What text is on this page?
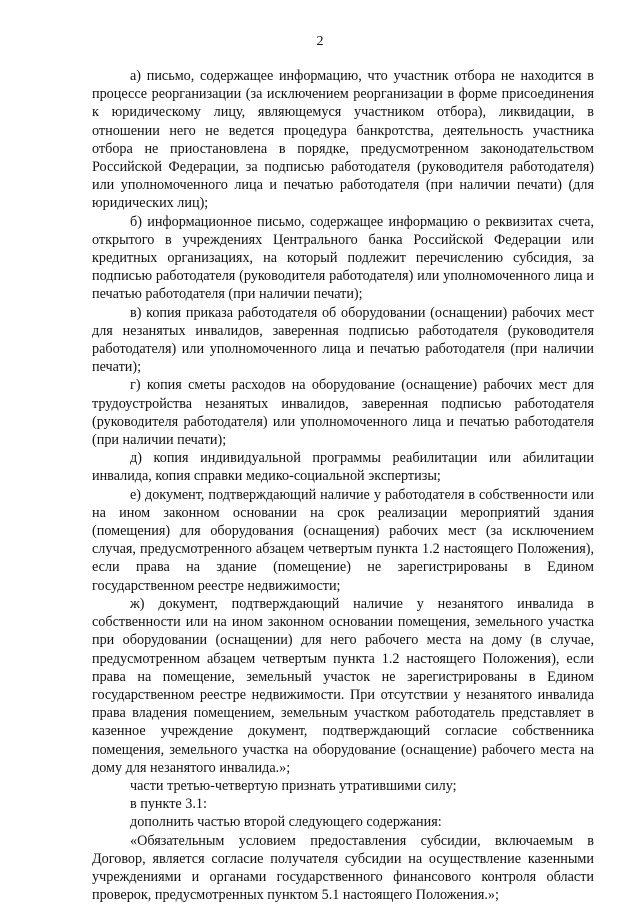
2

а) письмо, содержащее информацию, что участник отбора не находится в процессе реорганизации (за исключением реорганизации в форме присоединения к юридическому лицу, являющемуся участником отбора), ликвидации, в отношении него не ведется процедура банкротства, деятельность участника отбора не приостановлена в порядке, предусмотренном законодательством Российской Федерации, за подписью работодателя (руководителя работодателя) или уполномоченного лица и печатью работодателя (при наличии печати) (для юридических лиц);

б) информационное письмо, содержащее информацию о реквизитах счета, открытого в учреждениях Центрального банка Российской Федерации или кредитных организациях, на который подлежит перечислению субсидия, за подписью работодателя (руководителя работодателя) или уполномоченного лица и печатью работодателя (при наличии печати);

в) копия приказа работодателя об оборудовании (оснащении) рабочих мест для незанятых инвалидов, заверенная подписью работодателя (руководителя работодателя) или уполномоченного лица и печатью работодателя (при наличии печати);

г) копия сметы расходов на оборудование (оснащение) рабочих мест для трудоустройства незанятых инвалидов, заверенная подписью работодателя (руководителя работодателя) или уполномоченного лица и печатью работодателя (при наличии печати);

д) копия индивидуальной программы реабилитации или абилитации инвалида, копия справки медико-социальной экспертизы;

е) документ, подтверждающий наличие у работодателя в собственности или на ином законном основании на срок реализации мероприятий здания (помещения) для оборудования (оснащения) рабочих мест (за исключением случая, предусмотренного абзацем четвертым пункта 1.2 настоящего Положения), если права на здание (помещение) не зарегистрированы в Едином государственном реестре недвижимости;

ж) документ, подтверждающий наличие у незанятого инвалида в собственности или на ином законном основании помещения, земельного участка при оборудовании (оснащении) для него рабочего места на дому (в случае, предусмотренном абзацем четвертым пункта 1.2 настоящего Положения), если права на помещение, земельный участок не зарегистрированы в Едином государственном реестре недвижимости. При отсутствии у незанятого инвалида права владения помещением, земельным участком работодатель представляет в казенное учреждение документ, подтверждающий согласие собственника помещения, земельного участка на оборудование (оснащение) рабочего места на дому для незанятого инвалида.»;

части третью-четвертую признать утратившими силу;

в пункте 3.1:

дополнить частью второй следующего содержания:

«Обязательным условием предоставления субсидии, включаемым в Договор, является согласие получателя субсидии на осуществление казенными учреждениями и органами государственного финансового контроля области проверок, предусмотренных пунктом 5.1 настоящего Положения.»;
